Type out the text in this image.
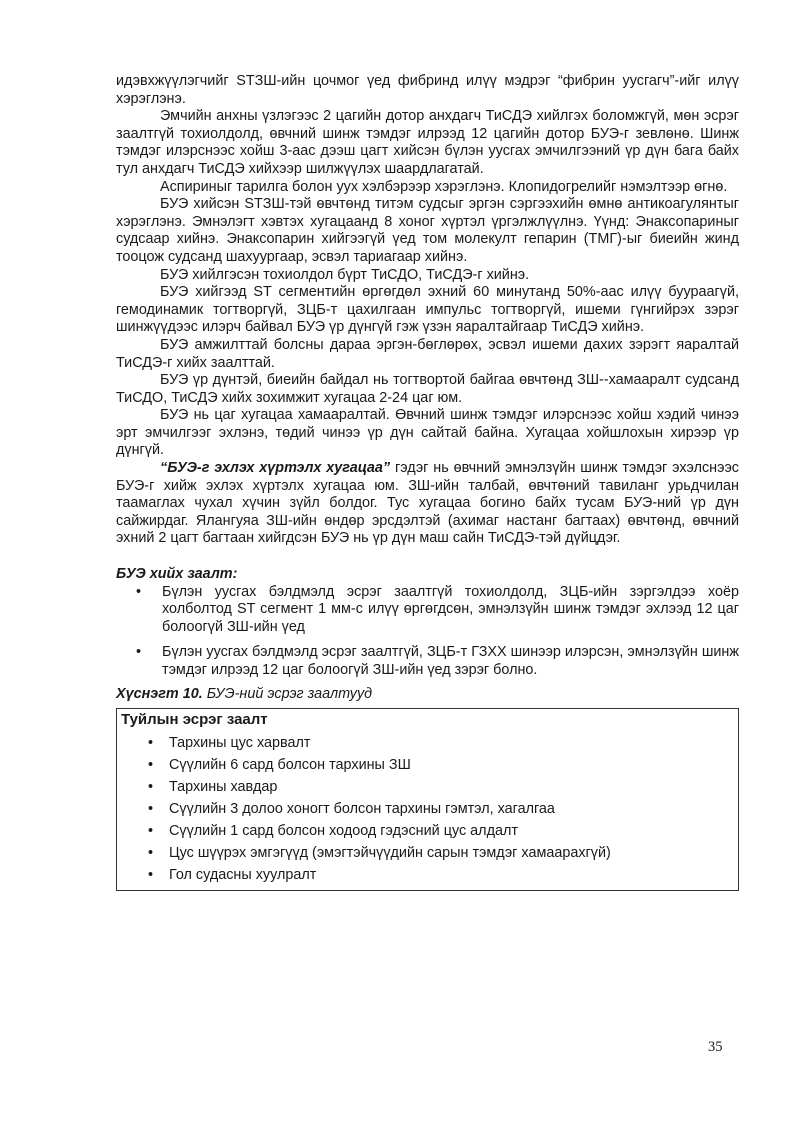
идэвхжүүлэгчийг STЗШ-ийн цочмог үед фибринд илүү мэдрэг “фибрин уусгагч”-ийг илүү хэрэглэнэ.

Эмчийн анхны үзлэгээс 2 цагийн дотор анхдагч ТиСДЭ хийлгэх боломжгүй, мөн эсрэг заалтгүй тохиолдолд, өвчний шинж тэмдэг илрээд 12 цагийн дотор БУЭ-г зевлөнө. Шинж тэмдэг илэрснээс хойш 3-аас дээш цагт хийсэн бүлэн уусгах эмчилгээний үр дүн бага байх тул анхдагч ТиСДЭ хийхээр шилжүүлэх шаардлагатай.

Аспириныг тарилга болон уух хэлбэрээр хэрэглэнэ. Клопидогрелийг нэмэлтээр өгнө.

БУЭ хийсэн STЗШ-тэй өвчтөнд титэм судсыг эргэн сэргээхийн өмнө антикоагулянтыг хэрэглэнэ. Эмнэлэгт хэвтэх хугацаанд 8 хоног хүртэл үргэлжлүүлнэ. Үүнд: Энаксопариныг судсаар хийнэ. Энаксопарин хийгээгүй үед том молекулт гепарин (ТМГ)-ыг биеийн жинд тооцож судсанд шахуургаар, эсвэл тариагаар хийнэ.

БУЭ хийлгэсэн тохиолдол бүрт ТиСДО, ТиСДЭ-г хийнэ.

БУЭ хийгээд ST сегментийн өргөгдөл эхний 60 минутанд 50%-аас илүү буураагүй, гемодинамик тогтворгүй, ЗЦБ-т цахилгаан импульс тогтворгүй, ишеми гүнгийрэх зэрэг шинжүүдээс илэрч байвал БУЭ үр дүнгүй гэж үзэн яаралтайгаар ТиСДЭ хийнэ.

БУЭ амжилттай болсны дараа эргэн-бөглөрөх, эсвэл ишеми дахих зэрэгт яаралтай ТиСДЭ-г хийх заалттай.

БУЭ үр дүнтэй, биеийн байдал нь тогтвортой байгаа өвчтөнд ЗШ--хамааралт судсанд ТиСДО, ТиСДЭ хийх зохимжит хугацаа 2-24 цаг юм.

БУЭ нь цаг хугацаа хамааралтай. Өвчний шинж тэмдэг илэрснээс хойш хэдий чинээ эрт эмчилгээг эхлэнэ, төдий чинээ үр дүн сайтай байна. Хугацаа хойшлохын хирээр үр дүнгүй.

“БУЭ-г эхлэх хүртэлх хугацаа” гэдэг нь өвчний эмнэлзүйн шинж тэмдэг эхэлснээс БУЭ-г хийж эхлэх хүртэлх хугацаа юм. ЗШ-ийн талбай, өвчтөний тавиланг урьдчилан таамаглах чухал хүчин зүйл болдог. Тус хугацаа богино байх тусам БУЭ-ний үр дүн сайжирдаг. Ялангуяа ЗШ-ийн өндөр эрсдэлтэй (ахимаг настанг багтаах) өвчтөнд, өвчний эхний 2 цагт багтаан хийгдсэн БУЭ нь үр дүн маш сайн ТиСДЭ-тэй дүйцдэг.

БУЭ хийх заалт:
• Бүлэн уусгах бэлдмэлд эсрэг заалтгүй тохиолдолд, ЗЦБ-ийн зэргэлдээ хоёр холболтод ST сегмент 1 мм-с илүү өргөгдсөн, эмнэлзүйн шинж тэмдэг эхлээд 12 цаг болоогүй ЗШ-ийн үед
• Бүлэн уусгах бэлдмэлд эсрэг заалтгүй, ЗЦБ-т ГЗХХ шинээр илэрсэн, эмнэлзүйн шинж тэмдэг илрээд 12 цаг болоогүй ЗШ-ийн үед зэрэг болно.
Хүснэгт 10. БУЭ-ний эсрэг заалтууд
Туйлын эсрэг заалт
• Тархины цус харвалт
• Сүүлийн 6 сард болсон тархины ЗШ
• Тархины хавдар
• Сүүлийн 3 долоо хоногт болсон тархины гэмтэл, хагалгаа
• Сүүлийн 1 сард болсон ходоод гэдэсний цус алдалт
• Цус шүүрэх эмгэгүүд (эмэгтэйчүүдийн сарын тэмдэг хамаарахгүй)
• Гол судасны хуулралт
35
